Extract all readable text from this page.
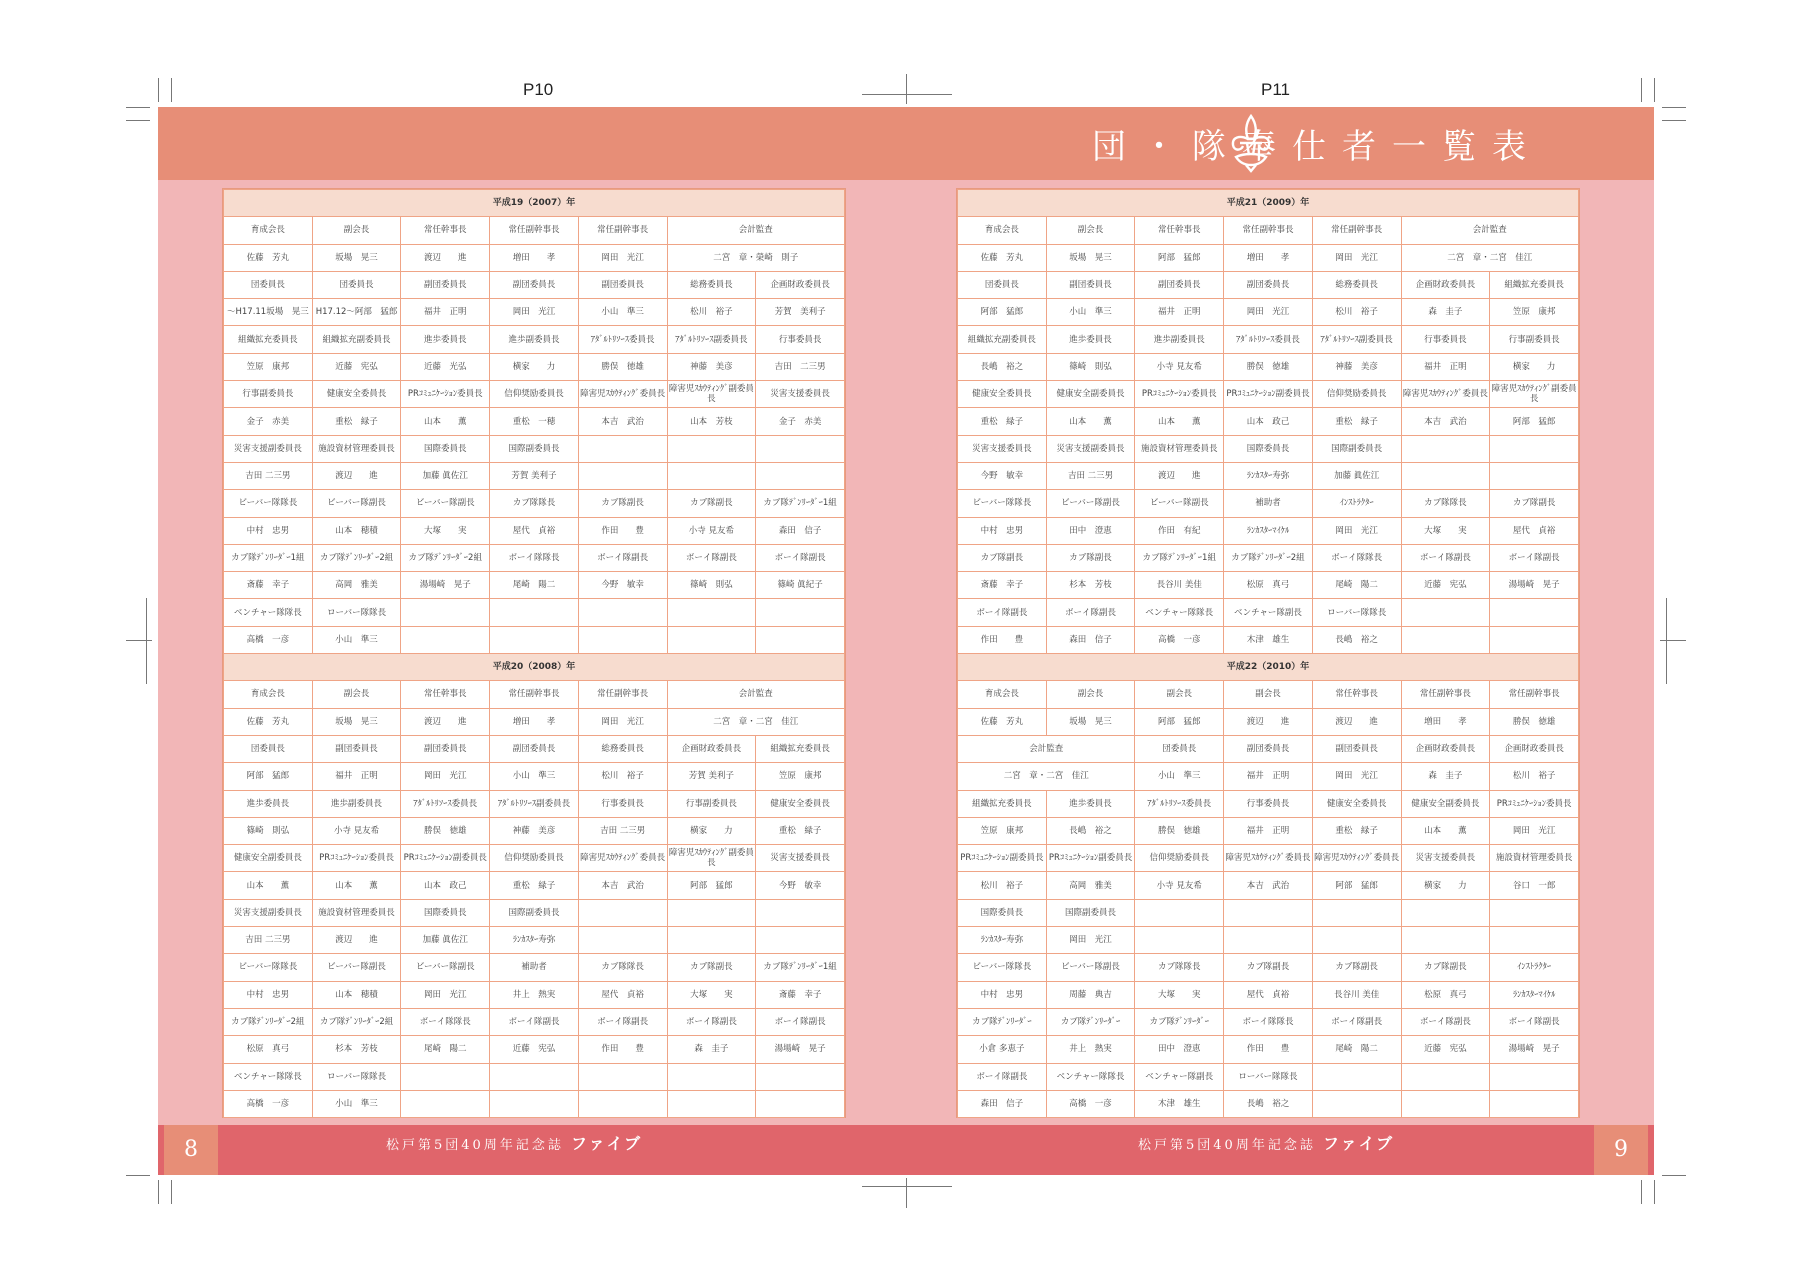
P10	P11
団・隊奉仕者一覧表
平成19（2007）年						
育成会長	副会長	常任幹事長	常任副幹事長	常任副幹事長	会計監査	
佐藤　芳丸	坂場　晃三	渡辺　　進	増田　　孝	岡田　光江	二宮　章・榮崎　則子	
団委員長	団委員長	副団委員長	副団委員長	副団委員長	総務委員長	企画財政委員長
～H17.11坂場　晃三	H17.12～阿部　猛郎	福井　正明	岡田　光江	小山　準三	松川　裕子	芳賀　美利子
組織拡充委員長	組織拡充副委員長	進歩委員長	進歩副委員長	ｱﾀﾞﾙﾄﾘｿｰｽ委員長	ｱﾀﾞﾙﾄﾘｿｰｽ副委員長	行事委員長
笠原　康邦	近藤　宪弘	近藤　光弘	横家　　力	勝俣　徳雄	神藤　美彦	吉田　二三男
行事副委員長	健康安全委員長	PRｺﾐｭﾆｹｰｼｮﾝ委員長	信仰奨励委員長	障害児ｽｶｳﾃｨﾝｸﾞ委員長	障害児ｽｶｳﾃｨﾝｸﾞ副委員長	災害支援委員長
金子　赤美	重松　緑子	山本　　薫	重松　一穂	本吉　武治	山本　芳枝	金子　赤美
災害支援副委員長	施設資材管理委員長	国際委員長	国際副委員長			
吉田 二三男	渡辺　　進	加藤 眞佐江	芳賀 美利子			
ビーバー隊隊長	ビーバー隊副長	ビーバー隊副長	カブ隊隊長	カブ隊副長	カブ隊副長	カブ隊ﾃﾞﾝﾘｰﾀﾞｰ1組
中村　忠男	山本　穂積	大塚　　実	屋代　貞裕	作田　　豊	小寺 見友希	森田　信子
カブ隊ﾃﾞﾝﾘｰﾀﾞｰ1組	カブ隊ﾃﾞﾝﾘｰﾀﾞｰ2組	カブ隊ﾃﾞﾝﾘｰﾀﾞｰ2組	ボーイ隊隊長	ボーイ隊副長	ボーイ隊副長	ボーイ隊副長
斎藤　幸子	高岡　雅美	湯場崎　晃子	尾崎　陽二	今野　敏幸	篠崎　則弘	篠崎 眞紀子
ベンチャー隊隊長	ローバー隊隊長					
高橋　一彦	小山　準三					
平成20（2008）年						
育成会長	副会長	常任幹事長	常任副幹事長	常任副幹事長	会計監査	
佐藤　芳丸	坂場　晃三	渡辺　　進	増田　　孝	岡田　光江	二宮　章・二宮　佳江	
団委員長	副団委員長	副団委員長	副団委員長	総務委員長	企画財政委員長	組織拡充委員長
阿部　猛郎	福井　正明	岡田　光江	小山　準三	松川　裕子	芳賀 美利子	笠原　康邦
進歩委員長	進歩副委員長	ｱﾀﾞﾙﾄﾘｿｰｽ委員長	ｱﾀﾞﾙﾄﾘｿｰｽ副委員長	行事委員長	行事副委員長	健康安全委員長
篠崎　則弘	小寺 見友希	勝俣　徳雄	神藤　美彦	吉田 二三男	横家　　力	重松　緑子
健康安全副委員長	PRｺﾐｭﾆｹｰｼｮﾝ委員長	PRｺﾐｭﾆｹｰｼｮﾝ副委員長	信仰奨励委員長	障害児ｽｶｳﾃｨﾝｸﾞ委員長	障害児ｽｶｳﾃｨﾝｸﾞ副委員長	災害支援委員長
山本　　薫	山本　　薫	山本　政己	重松　緑子	本吉　武治	阿部　猛郎	今野　敏幸
災害支援副委員長	施設資材管理委員長	国際委員長	国際副委員長			
吉田 二三男	渡辺　　進	加藤 眞佐江	ﾗﾝｶｽﾀｰ寿弥			
ビーバー隊隊長	ビーバー隊副長	ビーバー隊副長	補助者	カブ隊隊長	カブ隊副長	カブ隊ﾃﾞﾝﾘｰﾀﾞｰ1組
中村　忠男	山本　穂積	岡田　光江	井上　熱実	屋代　貞裕	大塚　　実	斎藤　幸子
カブ隊ﾃﾞﾝﾘｰﾀﾞｰ2組	カブ隊ﾃﾞﾝﾘｰﾀﾞｰ2組	ボーイ隊隊長	ボーイ隊副長	ボーイ隊副長	ボーイ隊副長	ボーイ隊副長
松原　真弓	杉本　芳枝	尾崎　陽二	近藤　宪弘	作田　　豊	森　圭子	湯場崎　晃子
ベンチャー隊隊長	ローバー隊隊長					
高橋　一彦	小山　準三					
平成21（2009）年						
育成会長	副会長	常任幹事長	常任副幹事長	常任副幹事長	会計監査	
佐藤　芳丸	坂場　晃三	阿部　猛郎	増田　　孝	岡田　光江	二宮　章・二宮　佳江	
団委員長	副団委員長	副団委員長	副団委員長	総務委員長	企画財政委員長	組織拡充委員長
阿部　猛郎	小山　準三	福井　正明	岡田　光江	松川　裕子	森　圭子	笠原　康邦
組織拡充副委員長	進歩委員長	進歩副委員長	ｱﾀﾞﾙﾄﾘｿｰｽ委員長	ｱﾀﾞﾙﾄﾘｿｰｽ副委員長	行事委員長	行事副委員長
長嶋　裕之	篠崎　則弘	小寺 見友希	勝俣　徳雄	神藤　美彦	福井　正明	横家　　力
健康安全委員長	健康安全副委員長	PRｺﾐｭﾆｹｰｼｮﾝ委員長	PRｺﾐｭﾆｹｰｼｮﾝ副委員長	信仰奨励委員長	障害児ｽｶｳﾃｨﾝｸﾞ委員長	障害児ｽｶｳﾃｨﾝｸﾞ副委員長
重松　緑子	山本　　薫	山本　　薫	山本　政己	重松　緑子	本吉　武治	阿部　猛郎
災害支援委員長	災害支援副委員長	施設資材管理委員長	国際委員長	国際副委員長		
今野　敏幸	吉田 二三男	渡辺　　進	ﾗﾝｶｽﾀｰ寿弥	加藤 眞佐江		
ビーバー隊隊長	ビーバー隊副長	ビーバー隊副長	補助者	ｲﾝｽﾄﾗｸﾀｰ	カブ隊隊長	カブ隊副長
中村　忠男	田中　澄恵	作田　有紀	ﾗﾝｶｽﾀｰﾏｲｹﾙ	岡田　光江	大塚　　実	屋代　貞裕
カブ隊副長	カブ隊副長	カブ隊ﾃﾞﾝﾘｰﾀﾞｰ1組	カブ隊ﾃﾞﾝﾘｰﾀﾞｰ2組	ボーイ隊隊長	ボーイ隊副長	ボーイ隊副長
斎藤　幸子	杉本　芳枝	長谷川 美佳	松原　真弓	尾崎　陽二	近藤　宪弘	湯場崎　晃子
ボーイ隊副長	ボーイ隊副長	ベンチャー隊隊長	ベンチャー隊副長	ローバー隊隊長		
作田　　豊	森田　信子	高橋　一彦	木津　雄生	長嶋　裕之		
平成22（2010）年						
育成会長	副会長	副会長	副会長	常任幹事長	常任副幹事長	常任副幹事長
佐藤　芳丸	坂場　晃三	阿部　猛郎	渡辺　　進	渡辺　　進	増田　　孝	勝俣　徳雄
会計監査		団委員長	副団委員長	副団委員長	企画財政委員長	企画財政委員長
二宮　章・二宮　佳江		小山　準三	福井　正明	岡田　光江	森　圭子	松川　裕子
組織拡充委員長	進歩委員長	ｱﾀﾞﾙﾄﾘｿｰｽ委員長	行事委員長	健康安全委員長	健康安全副委員長	PRｺﾐｭﾆｹｰｼｮﾝ委員長
笠原　康邦	長嶋　裕之	勝俣　徳雄	福井　正明	重松　緑子	山本　　薫	岡田　光江
PRｺﾐｭﾆｹｰｼｮﾝ副委員長	PRｺﾐｭﾆｹｰｼｮﾝ副委員長	信仰奨励委員長	障害児ｽｶｳﾃｨﾝｸﾞ委員長	障害児ｽｶｳﾃｨﾝｸﾞ委員長	災害支援委員長	施設資材管理委員長
松川　裕子	高岡　雅美	小寺 見友希	本吉　武治	阿部　猛郎	横家　　力	谷口　一郎
国際委員長	国際副委員長					
ﾗﾝｶｽﾀｰ寿弥	岡田　光江					
ビーバー隊隊長	ビーバー隊副長	カブ隊隊長	カブ隊副長	カブ隊副長	カブ隊副長	ｲﾝｽﾄﾗｸﾀｰ
中村　忠男	周藤　典吉	大塚　　実	屋代　貞裕	長谷川 美佳	松原　真弓	ﾗﾝｶｽﾀｰﾏｲｹﾙ
カブ隊ﾃﾞﾝﾘｰﾀﾞｰ	カブ隊ﾃﾞﾝﾘｰﾀﾞｰ	カブ隊ﾃﾞﾝﾘｰﾀﾞｰ	ボーイ隊隊長	ボーイ隊副長	ボーイ隊副長	ボーイ隊副長
小倉 多恵子	井上　熱実	田中　澄恵	作田　　豊	尾崎　陽二	近藤　宪弘	湯場崎　晃子
ボーイ隊副長	ベンチャー隊隊長	ベンチャー隊副長	ローバー隊隊長			
森田　信子	高橋　一彦	木津　雄生	長嶋　裕之			
8	9
松戸第5団40周年記念誌 ファイブ	松戸第5団40周年記念誌 ファイブ
